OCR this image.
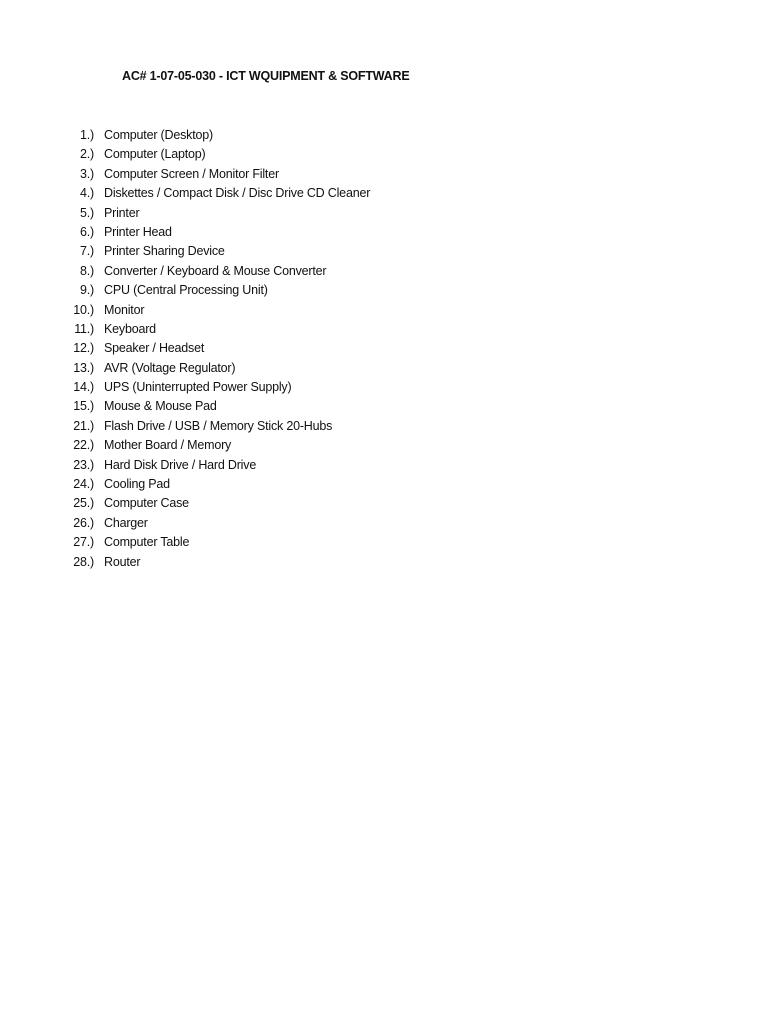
AC# 1-07-05-030 - ICT WQUIPMENT & SOFTWARE
1.) Computer (Desktop)
2.) Computer (Laptop)
3.) Computer Screen / Monitor Filter
4.) Diskettes / Compact Disk / Disc Drive CD Cleaner
5.) Printer
6.) Printer Head
7.) Printer Sharing Device
8.) Converter / Keyboard & Mouse Converter
9.) CPU (Central Processing Unit)
10.) Monitor
11.) Keyboard
12.) Speaker / Headset
13.) AVR (Voltage Regulator)
14.) UPS (Uninterrupted Power Supply)
15.) Mouse & Mouse Pad
21.) Flash Drive / USB / Memory Stick 20-Hubs
22.) Mother Board / Memory
23.) Hard Disk Drive / Hard Drive
24.) Cooling Pad
25.) Computer Case
26.) Charger
27.) Computer Table
28.) Router
